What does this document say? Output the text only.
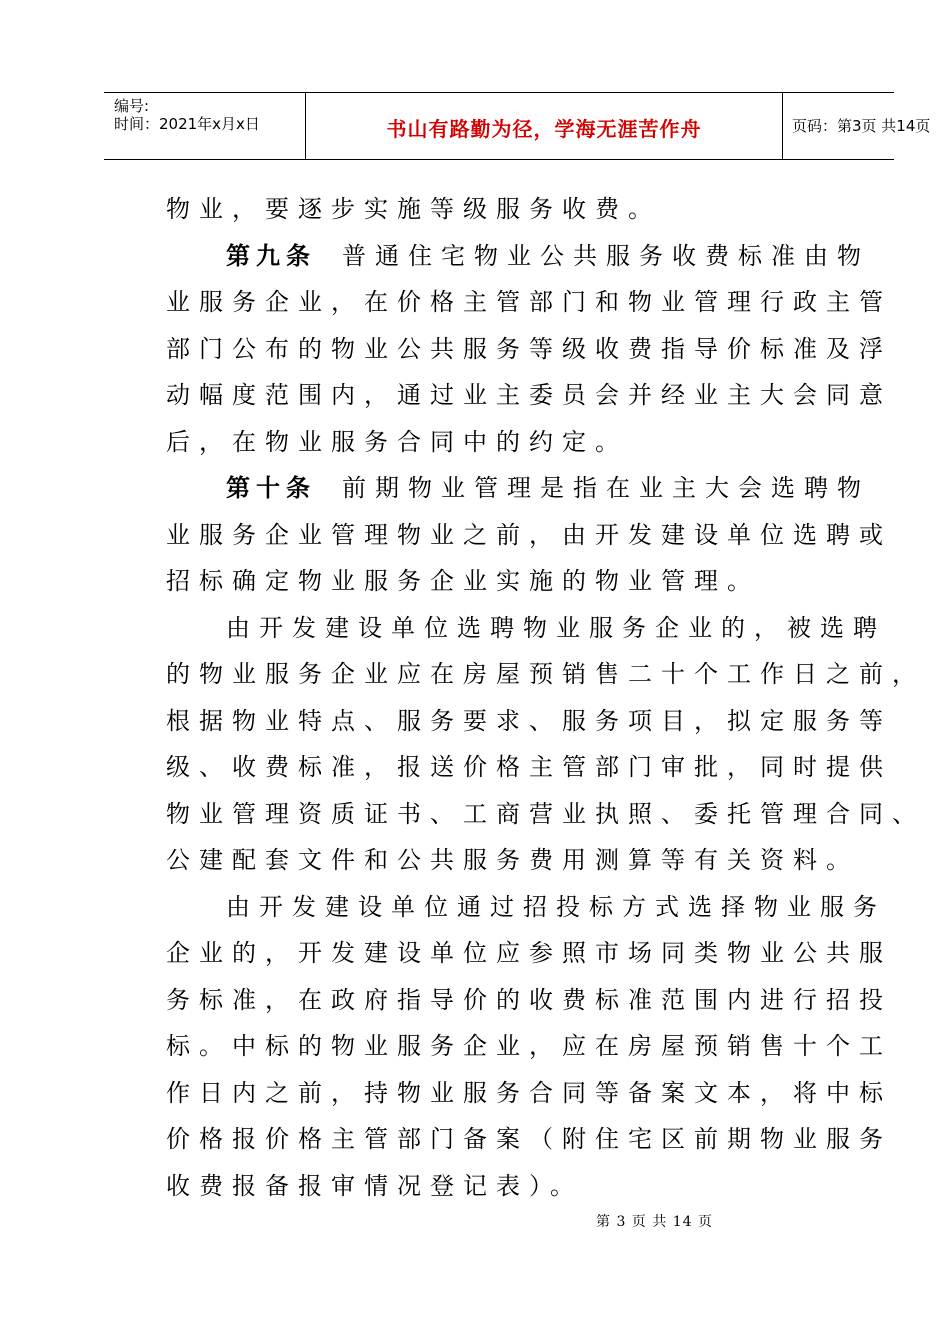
编号:
时间：2021年x月x日	书山有路勤为径，学海无涯苦作舟	页码：第3页 共14页
物业，要逐步实施等级服务收费。
第九条 普通住宅物业公共服务收费标准由物
业服务企业，在价格主管部门和物业管理行政主管
部门公布的物业公共服务等级收费指导价标准及浮
动幅度范围内，通过业主委员会并经业主大会同意
后，在物业服务合同中的约定。
第十条 前期物业管理是指在业主大会选聘物
业服务企业管理物业之前，由开发建设单位选聘或
招标确定物业服务企业实施的物业管理。
由开发建设单位选聘物业服务企业的，被选聘
的物业服务企业应在房屋预销售二十个工作日之前，
根据物业特点、服务要求、服务项目，拟定服务等
级、收费标准，报送价格主管部门审批，同时提供
物业管理资质证书、工商营业执照、委托管理合同、
公建配套文件和公共服务费用测算等有关资料。
由开发建设单位通过招投标方式选择物业服务
企业的，开发建设单位应参照市场同类物业公共服
务标准，在政府指导价的收费标准范围内进行招投
标。中标的物业服务企业，应在房屋预销售十个工
作日内之前，持物业服务合同等备案文本，将中标
价格报价格主管部门备案（附住宅区前期物业服务
收费报备报审情况登记表）。
第 3 页 共 14 页
